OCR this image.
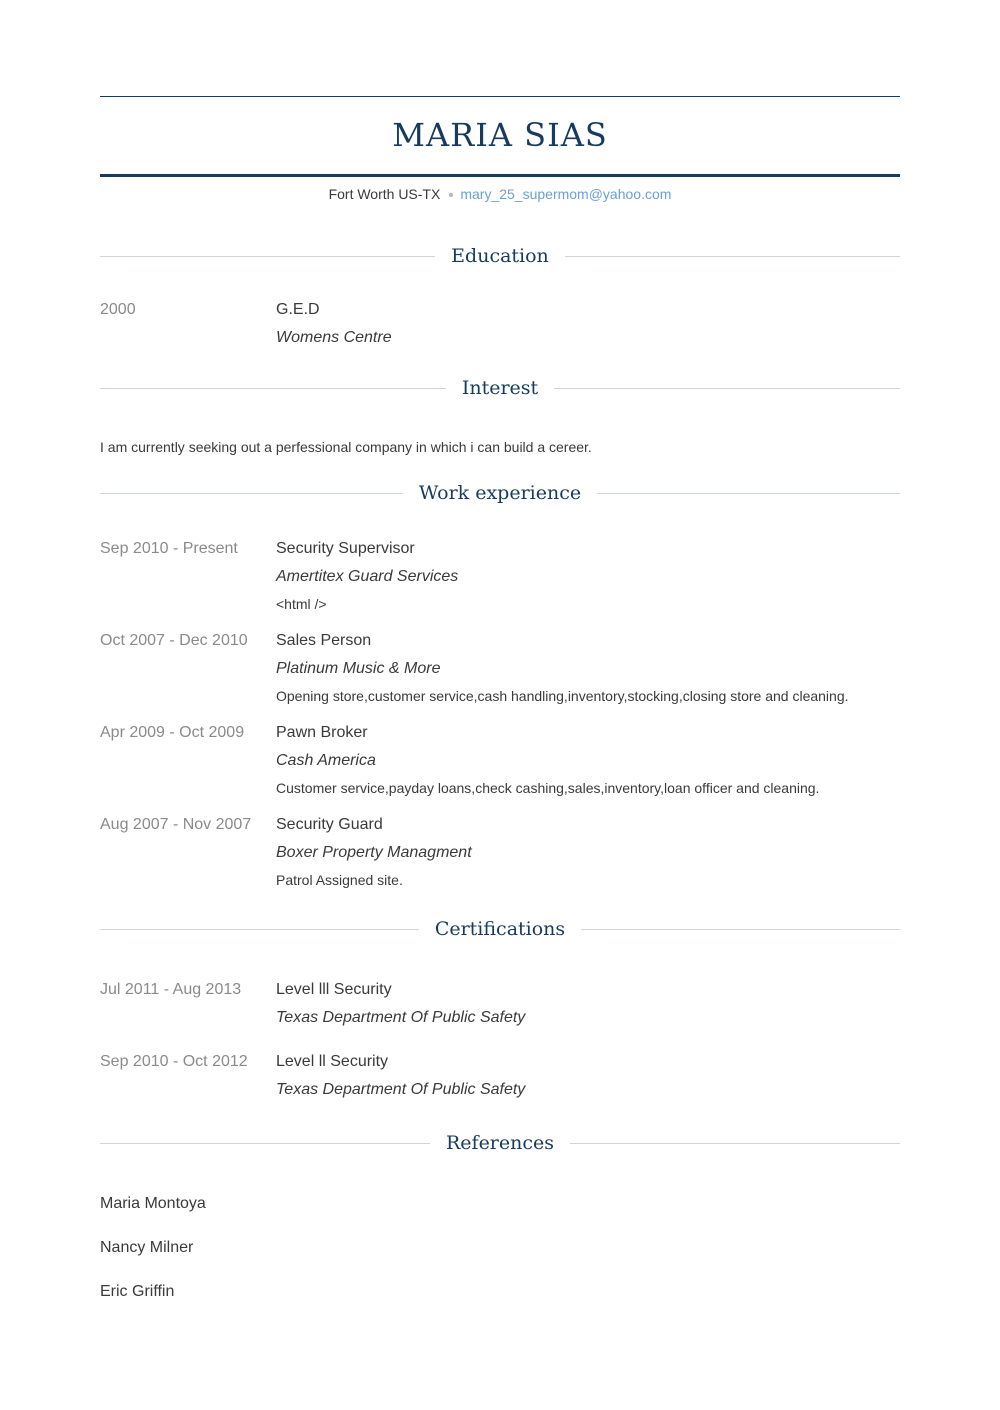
MARIA SIAS
Fort Worth US-TX mary_25_supermom@yahoo.com
Education
2000	G.E.D
Womens Centre
Interest
I am currently seeking out a perfessional company in which i can build a cereer.
Work experience
Sep 2010 - Present	Security Supervisor
Amertitex Guard Services
<html />
Oct 2007 - Dec 2010	Sales Person
Platinum Music & More
Opening store,customer service,cash handling,inventory,stocking,closing store and cleaning.
Apr 2009 - Oct 2009	Pawn Broker
Cash America
Customer service,payday loans,check cashing,sales,inventory,loan officer and cleaning.
Aug 2007 - Nov 2007	Security Guard
Boxer Property Managment
Patrol Assigned site.
Certifications
Jul 2011 - Aug 2013	Level lll Security
Texas Department Of Public Safety
Sep 2010 - Oct 2012	Level ll Security
Texas Department Of Public Safety
References
Maria Montoya
Nancy Milner
Eric Griffin
